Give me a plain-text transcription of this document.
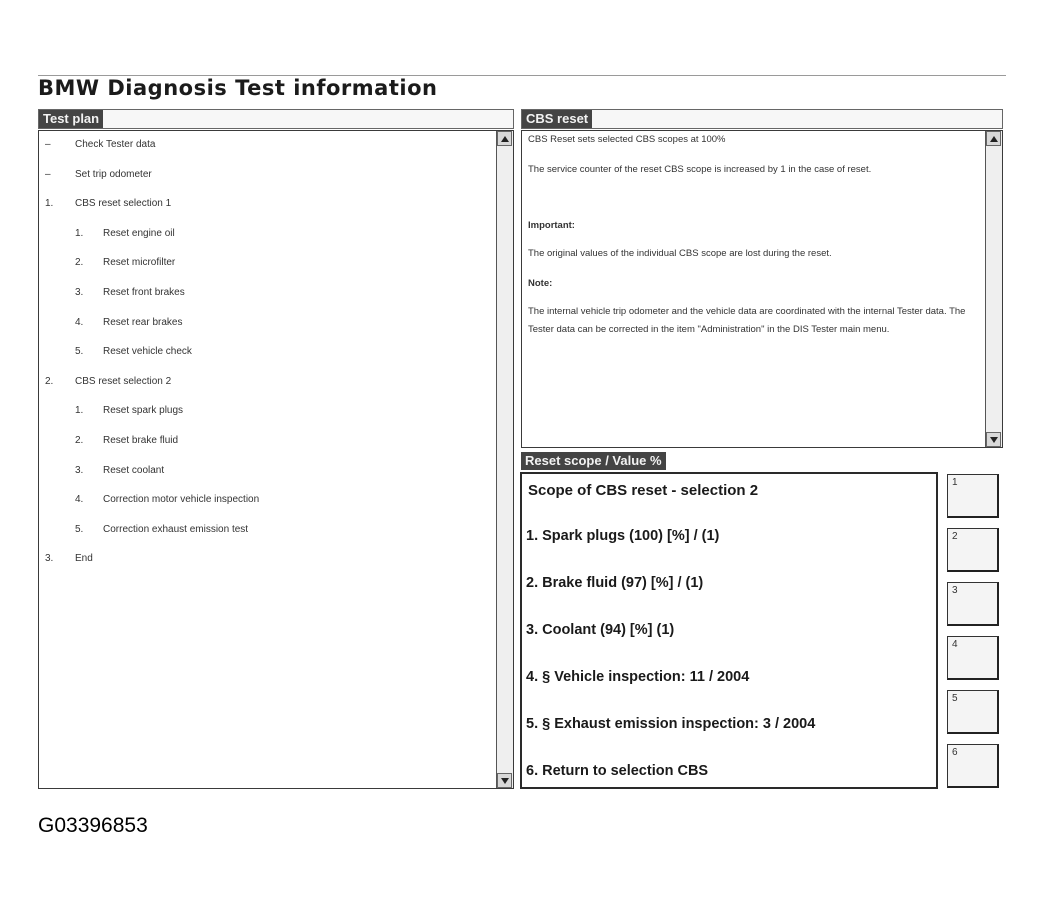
BMW Diagnosis Test information
Test plan
–	Check Tester data
–	Set trip odometer
1.	CBS reset selection 1
1.	Reset engine oil
2.	Reset microfilter
3.	Reset front brakes
4.	Reset rear brakes
5.	Reset vehicle check
2.	CBS reset selection 2
1.	Reset spark plugs
2.	Reset brake fluid
3.	Reset coolant
4.	Correction motor vehicle inspection
5.	Correction exhaust emission test
3.	End
CBS reset
CBS Reset sets selected CBS scopes at 100%
The service counter of the reset CBS scope is increased by 1 in the case of reset.
Important:
The original values of the individual CBS scope are lost during the reset.
Note:
The internal vehicle trip odometer and the vehicle data are coordinated with the internal Tester data. The Tester data can be corrected in the item "Administration" in the DIS Tester main menu.
Reset scope / Value %
Scope of CBS reset - selection 2
1. Spark plugs (100) [%] / (1)
2. Brake fluid (97) [%] / (1)
3. Coolant (94) [%] (1)
4. § Vehicle inspection: 11 / 2004
5. § Exhaust emission inspection: 3 / 2004
6. Return to selection CBS
1
2
3
4
5
6
G03396853
